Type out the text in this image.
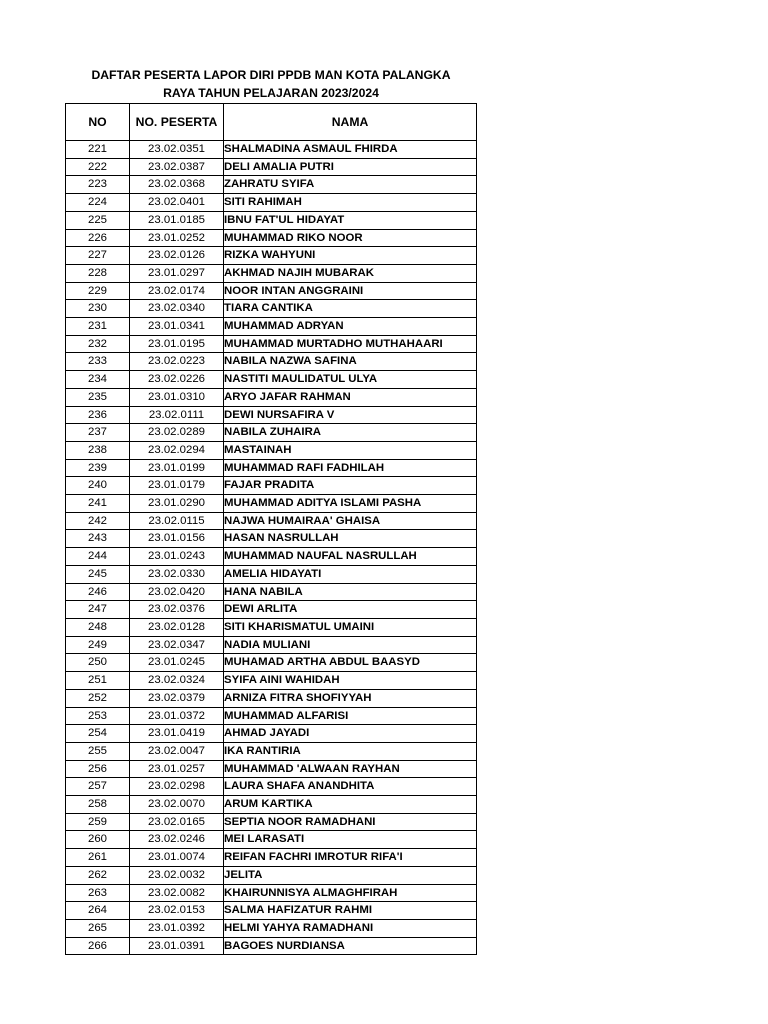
DAFTAR PESERTA LAPOR DIRI PPDB MAN KOTA PALANGKA
RAYA TAHUN PELAJARAN 2023/2024
NO	NO. PESERTA	NAMA
221	23.02.0351	SHALMADINA ASMAUL FHIRDA
222	23.02.0387	DELI AMALIA PUTRI
223	23.02.0368	ZAHRATU SYIFA
224	23.02.0401	SITI RAHIMAH
225	23.01.0185	IBNU FAT'UL HIDAYAT
226	23.01.0252	MUHAMMAD RIKO NOOR
227	23.02.0126	RIZKA WAHYUNI
228	23.01.0297	AKHMAD NAJIH MUBARAK
229	23.02.0174	NOOR INTAN ANGGRAINI
230	23.02.0340	TIARA CANTIKA
231	23.01.0341	MUHAMMAD ADRYAN
232	23.01.0195	MUHAMMAD MURTADHO MUTHAHAARI
233	23.02.0223	NABILA NAZWA SAFINA
234	23.02.0226	NASTITI MAULIDATUL ULYA
235	23.01.0310	ARYO JAFAR RAHMAN
236	23.02.0111	DEWI NURSAFIRA V
237	23.02.0289	NABILA ZUHAIRA
238	23.02.0294	MASTAINAH
239	23.01.0199	MUHAMMAD RAFI FADHILAH
240	23.01.0179	FAJAR PRADITA
241	23.01.0290	MUHAMMAD ADITYA ISLAMI PASHA
242	23.02.0115	NAJWA HUMAIRAA' GHAISA
243	23.01.0156	HASAN NASRULLAH
244	23.01.0243	MUHAMMAD NAUFAL NASRULLAH
245	23.02.0330	AMELIA HIDAYATI
246	23.02.0420	HANA NABILA
247	23.02.0376	DEWI ARLITA
248	23.02.0128	SITI KHARISMATUL UMAINI
249	23.02.0347	NADIA MULIANI
250	23.01.0245	MUHAMAD ARTHA ABDUL BAASYD
251	23.02.0324	SYIFA AINI WAHIDAH
252	23.02.0379	ARNIZA FITRA SHOFIYYAH
253	23.01.0372	MUHAMMAD ALFARISI
254	23.01.0419	AHMAD JAYADI
255	23.02.0047	IKA RANTIRIA
256	23.01.0257	MUHAMMAD 'ALWAAN RAYHAN
257	23.02.0298	LAURA SHAFA ANANDHITA
258	23.02.0070	ARUM KARTIKA
259	23.02.0165	SEPTIA NOOR RAMADHANI
260	23.02.0246	MEI LARASATI
261	23.01.0074	REIFAN FACHRI IMROTUR RIFA'I
262	23.02.0032	JELITA
263	23.02.0082	KHAIRUNNISYA ALMAGHFIRAH
264	23.02.0153	SALMA HAFIZATUR RAHMI
265	23.01.0392	HELMI YAHYA RAMADHANI
266	23.01.0391	BAGOES NURDIANSA
